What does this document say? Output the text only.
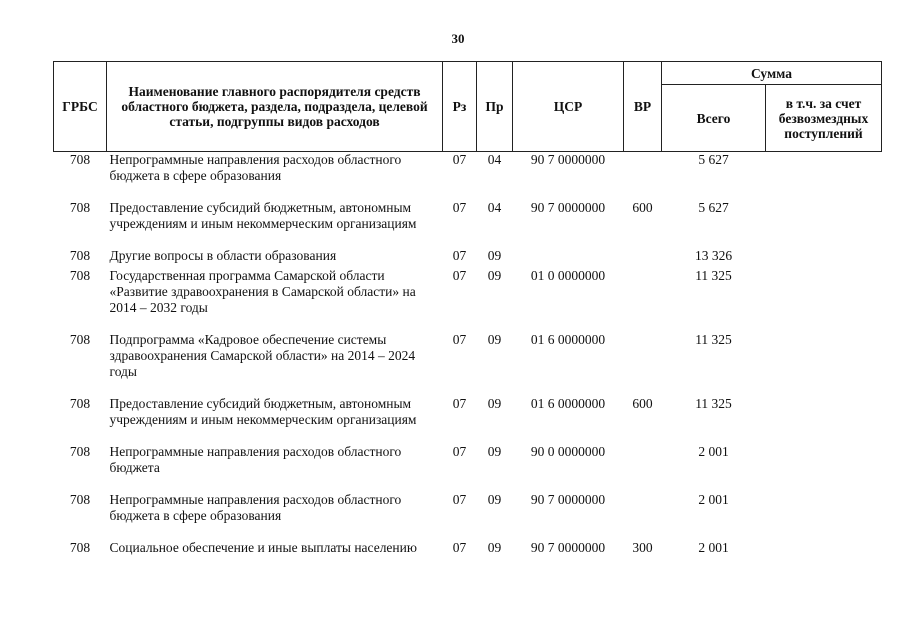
30
ГРБС	Наименование главного распорядителя средств областного бюджета, раздела, подраздела, целевой статьи, подгруппы видов расходов	Рз	Пр	ЦСР	ВР	Сумма	
						Всего	в т.ч. за счет безвозмездных поступлений
708	Непрограммные направления расходов областного бюджета в сфере образования	07	04	90 7 0000000		5 627	
708	Предоставление субсидий бюджетным, автономным учреждениям и иным некоммерческим организациям	07	04	90 7 0000000	600	5 627	
708	Другие вопросы в области образования	07	09			13 326	
708	Государственная программа Самарской области «Развитие здравоохранения в Самарской области» на 2014 – 2032 годы	07	09	01 0 0000000		11 325	
708	Подпрограмма «Кадровое обеспечение системы здравоохранения Самарской области» на 2014 – 2024 годы	07	09	01 6 0000000		11 325	
708	Предоставление субсидий бюджетным, автономным учреждениям и иным некоммерческим организациям	07	09	01 6 0000000	600	11 325	
708	Непрограммные направления расходов областного бюджета	07	09	90 0 0000000		2 001	
708	Непрограммные направления расходов областного бюджета в сфере образования	07	09	90 7 0000000		2 001	
708	Социальное обеспечение и иные выплаты населению	07	09	90 7 0000000	300	2 001	
